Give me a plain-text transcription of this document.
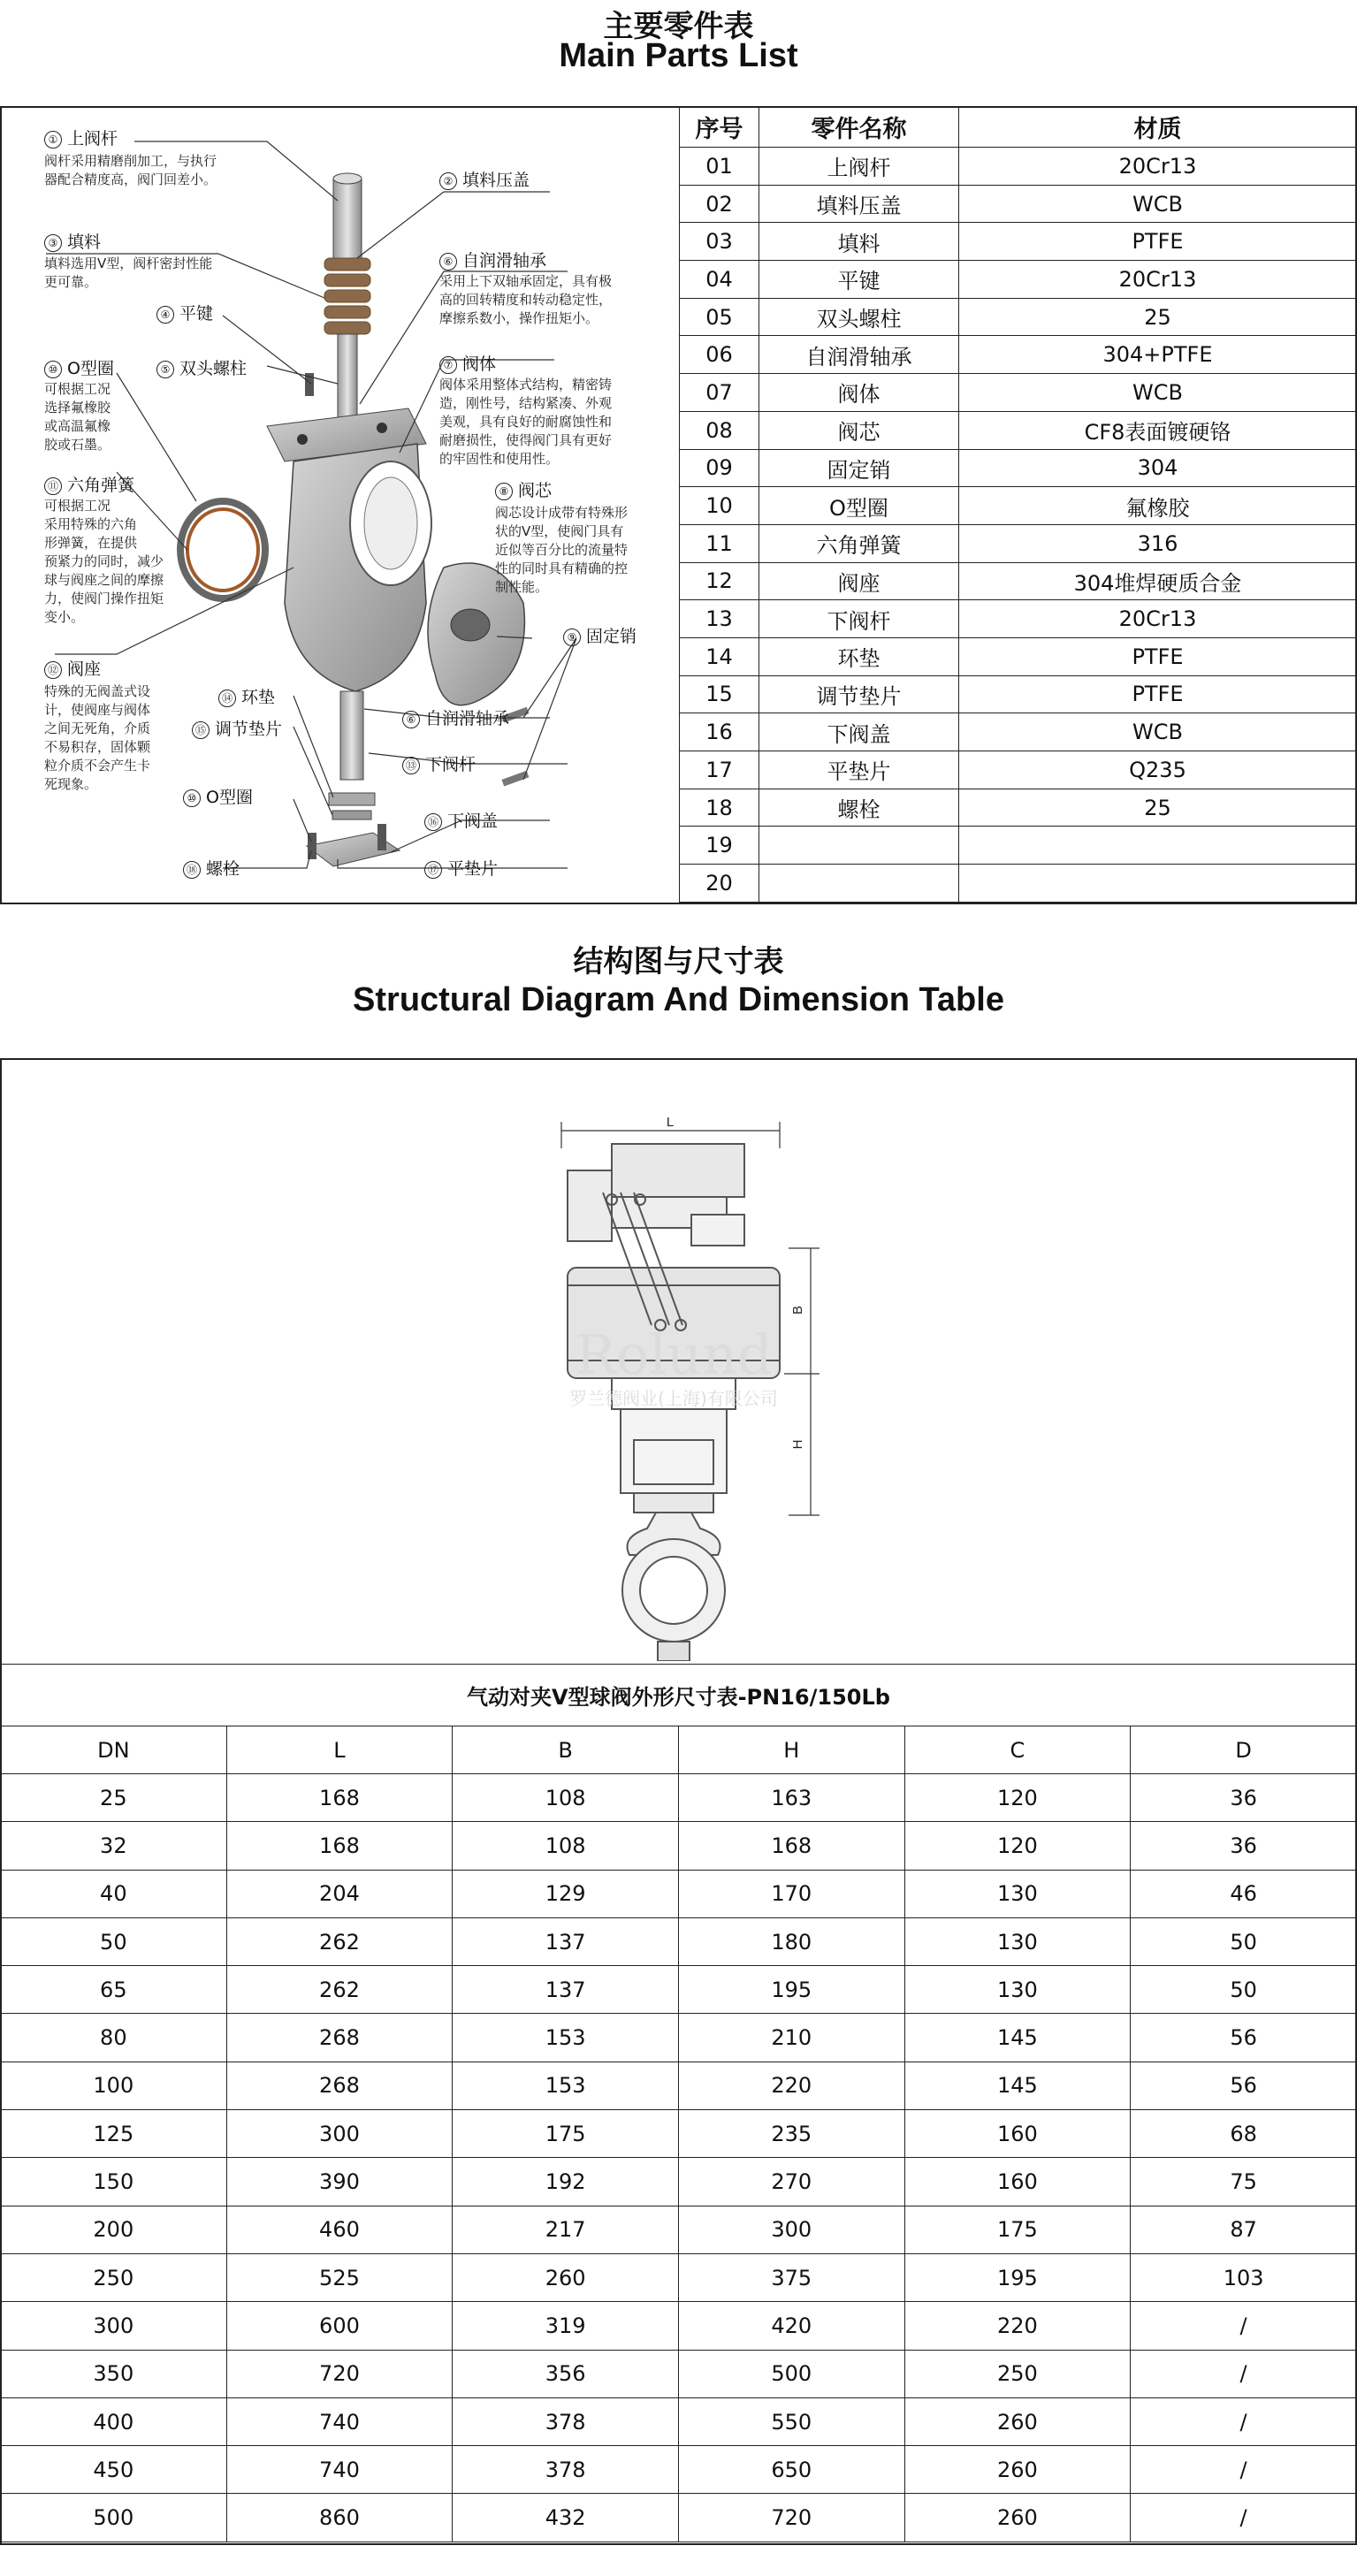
主要零件表
Main Parts List
① 上阀杆
阀杆采用精磨削加工，与执行
器配合精度高，阀门回差小。	② 填料压盖
③ 填料
填料选用V型，阀杆密封性能
更可靠。
⑥ 自润滑轴承
采用上下双轴承固定，具有极
高的回转精度和转动稳定性，
摩擦系数小，操作扭矩小。
④ 平键
⑩ O型圈
可根据工况
选择氟橡胶
或高温氟橡
胶或石墨。
⑤ 双头螺柱	⑦ 阀体
阀体采用整体式结构，精密铸
造，刚性号，结构紧凑、外观
美观，具有良好的耐腐蚀性和
耐磨损性，使得阀门具有更好
的牢固性和使用性。
⑪ 六角弹簧
可根据工况
采用特殊的六角
形弹簧，在提供
预紧力的同时，减少
球与阀座之间的摩擦
力，使阀门操作扭矩
变小。
⑧ 阀芯
阀芯设计成带有特殊形
状的V型，使阀门具有
近似等百分比的流量特
性的同时具有精确的控
制性能。
⑨ 固定销
⑫ 阀座
特殊的无阀盖式设
计，使阀座与阀体
之间无死角，介质
不易积存，固体颗
粒介质不会产生卡
死现象。
⑭ 环垫
⑮ 调节垫片
⑥ 自润滑轴承
⑬ 下阀杆
⑩ O型圈
⑯ 下阀盖
⑱ 螺栓	⑰ 平垫片
序号	零件名称	材质
01	上阀杆	20Cr13
02	填料压盖	WCB
03	填料	PTFE
04	平键	20Cr13
05	双头螺柱	25
06	自润滑轴承	304+PTFE
07	阀体	WCB
08	阀芯	CF8表面镀硬铬
09	固定销	304
10	O型圈	氟橡胶
11	六角弹簧	316
12	阀座	304堆焊硬质合金
13	下阀杆	20Cr13
14	环垫	PTFE
15	调节垫片	PTFE
16	下阀盖	WCB
17	平垫片	Q235
18	螺栓	25
19		
20		
结构图与尺寸表
Structural Diagram And Dimension Table
L
B
H
Rolund
罗兰德阀业(上海)有限公司
气动对夹V型球阀外形尺寸表-PN16/150Lb					
DN	L	B	H	C	D
25	168	108	163	120	36
32	168	108	168	120	36
40	204	129	170	130	46
50	262	137	180	130	50
65	262	137	195	130	50
80	268	153	210	145	56
100	268	153	220	145	56
125	300	175	235	160	68
150	390	192	270	160	75
200	460	217	300	175	87
250	525	260	375	195	103
300	600	319	420	220	/
350	720	356	500	250	/
400	740	378	550	260	/
450	740	378	650	260	/
500	860	432	720	260	/
